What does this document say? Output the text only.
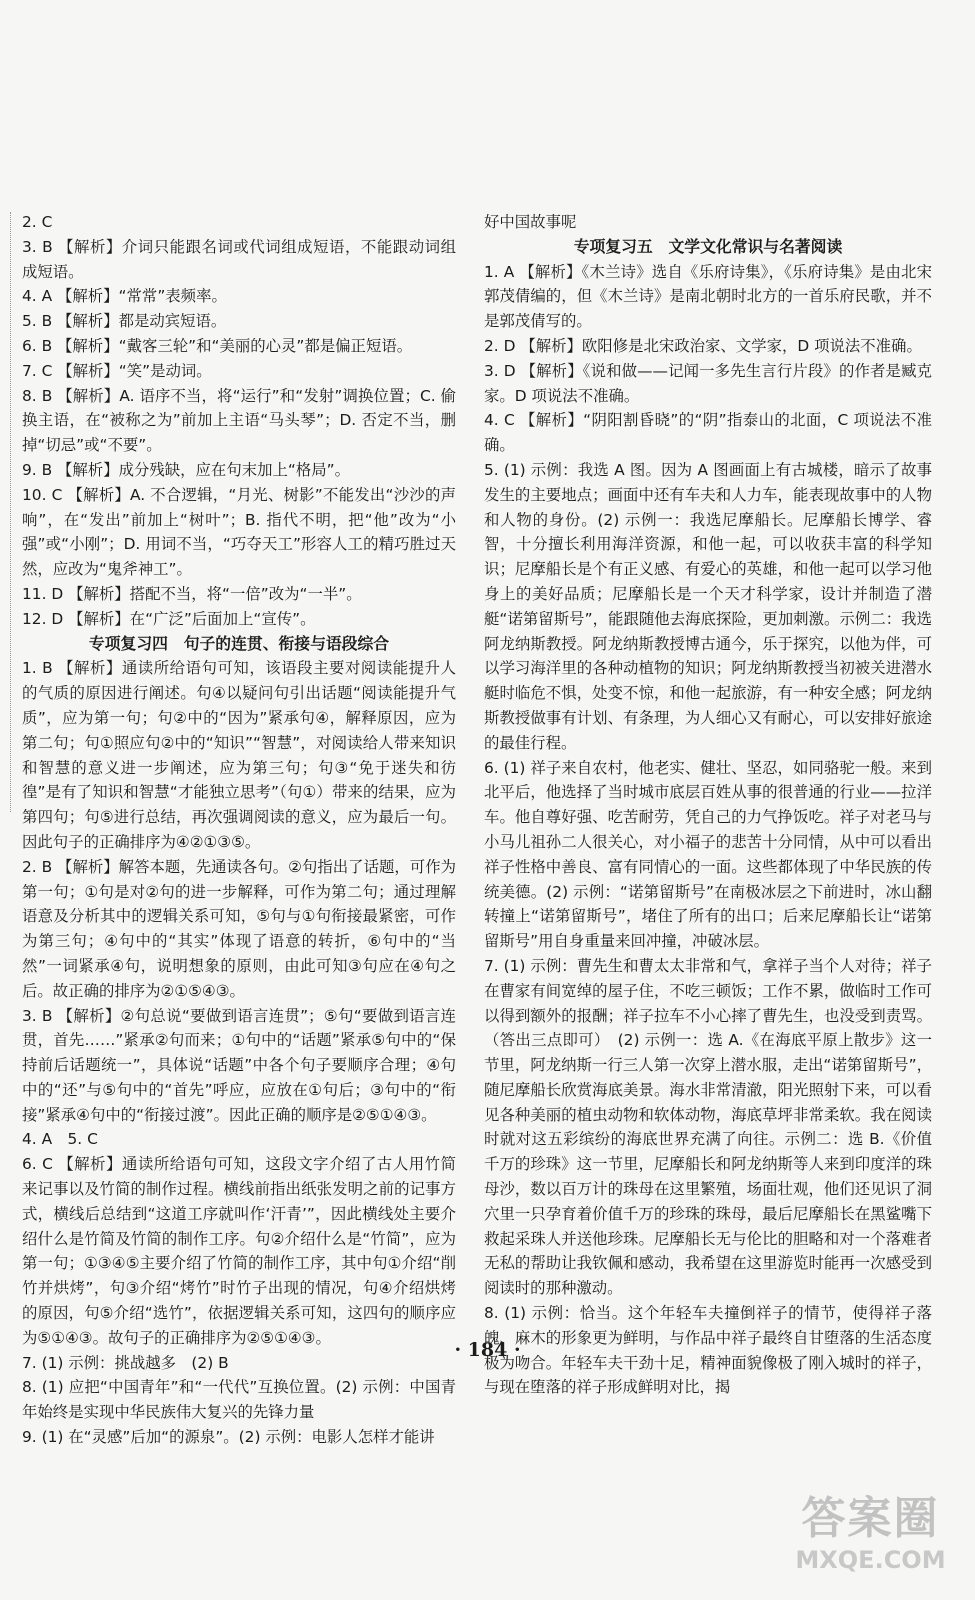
2. C

3. B 【解析】介词只能跟名词或代词组成短语，不能跟动词组成短语。

4. A 【解析】“常常”表频率。

5. B 【解析】都是动宾短语。

6. B 【解析】“戴客三轮”和“美丽的心灵”都是偏正短语。

7. C 【解析】“笑”是动词。

8. B 【解析】A. 语序不当，将“运行”和“发射”调换位置；C. 偷换主语，在“被称之为”前加上主语“马头琴”；D. 否定不当，删掉“切忌”或“不要”。

9. B 【解析】成分残缺，应在句末加上“格局”。

10. C 【解析】A. 不合逻辑，“月光、树影”不能发出“沙沙的声响”，在“发出”前加上“树叶”；B. 指代不明，把“他”改为“小强”或“小刚”；D. 用词不当，“巧夺天工”形容人工的精巧胜过天然，应改为“鬼斧神工”。

11. D 【解析】搭配不当，将“一倍”改为“一半”。

12. D 【解析】在“广泛”后面加上“宣传”。

专项复习四　句子的连贯、衔接与语段综合

1. B 【解析】通读所给语句可知，该语段主要对阅读能提升人的气质的原因进行阐述。句④以疑问句引出话题“阅读能提升气质”，应为第一句；句②中的“因为”紧承句④，解释原因，应为第二句；句①照应句②中的“知识”“智慧”，对阅读给人带来知识和智慧的意义进一步阐述，应为第三句；句③“免于迷失和彷徨”是有了知识和智慧“才能独立思考”（句①）带来的结果，应为第四句；句⑤进行总结，再次强调阅读的意义，应为最后一句。因此句子的正确排序为④②①③⑤。

2. B 【解析】解答本题，先通读各句。②句指出了话题，可作为第一句；①句是对②句的进一步解释，可作为第二句；通过理解语意及分析其中的逻辑关系可知，⑤句与①句衔接最紧密，可作为第三句；④句中的“其实”体现了语意的转折，⑥句中的“当然”一词紧承④句，说明想象的原则，由此可知③句应在④句之后。故正确的排序为②①⑤④③。

3. B 【解析】②句总说“要做到语言连贯”；⑤句“要做到语言连贯，首先……”紧承②句而来；①句中的“话题”紧承⑤句中的“保持前后话题统一”，具体说“话题”中各个句子要顺序合理；④句中的“还”与⑤句中的“首先”呼应，应放在①句后；③句中的“衔接”紧承④句中的“衔接过渡”。因此正确的顺序是②⑤①④③。

4. A　5. C

6. C 【解析】通读所给语句可知，这段文字介绍了古人用竹简来记事以及竹简的制作过程。横线前指出纸张发明之前的记事方式，横线后总结到“这道工序就叫作‘汗青’”，因此横线处主要介绍什么是竹简及竹简的制作工序。句②介绍什么是“竹简”，应为第一句；①③④⑤主要介绍了竹简的制作工序，其中句①介绍“削竹并烘烤”，句③介绍“烤竹”时竹子出现的情况，句④介绍烘烤的原因，句⑤介绍“选竹”，依据逻辑关系可知，这四句的顺序应为⑤①④③。故句子的正确排序为②⑤①④③。

7. (1) 示例：挑战越多　(2) B

8. (1) 应把“中国青年”和“一代代”互换位置。(2) 示例：中国青年始终是实现中华民族伟大复兴的先锋力量

9. (1) 在“灵感”后加“的源泉”。(2) 示例：电影人怎样才能讲

好中国故事呢

专项复习五　文学文化常识与名著阅读

1. A 【解析】《木兰诗》选自《乐府诗集》，《乐府诗集》是由北宋郭茂倩编的，但《木兰诗》是南北朝时北方的一首乐府民歌，并不是郭茂倩写的。

2. D 【解析】欧阳修是北宋政治家、文学家，D 项说法不准确。

3. D 【解析】《说和做——记闻一多先生言行片段》的作者是臧克家。D 项说法不准确。

4. C 【解析】“阴阳割昏晓”的“阴”指泰山的北面，C 项说法不准确。

5. (1) 示例：我选 A 图。因为 A 图画面上有古城楼，暗示了故事发生的主要地点；画面中还有车夫和人力车，能表现故事中的人物和人物的身份。(2) 示例一：我选尼摩船长。尼摩船长博学、睿智，十分擅长利用海洋资源，和他一起，可以收获丰富的科学知识；尼摩船长是个有正义感、有爱心的英雄，和他一起可以学习他身上的美好品质；尼摩船长是一个天才科学家，设计并制造了潜艇“诺第留斯号”，能跟随他去海底探险，更加刺激。示例二：我选阿龙纳斯教授。阿龙纳斯教授博古通今，乐于探究，以他为伴，可以学习海洋里的各种动植物的知识；阿龙纳斯教授当初被关进潜水艇时临危不惧，处变不惊，和他一起旅游，有一种安全感；阿龙纳斯教授做事有计划、有条理，为人细心又有耐心，可以安排好旅途的最佳行程。

6. (1) 祥子来自农村，他老实、健壮、坚忍，如同骆驼一般。来到北平后，他选择了当时城市底层百姓从事的很普通的行业——拉洋车。他自尊好强、吃苦耐劳，凭自己的力气挣饭吃。祥子对老马与小马儿祖孙二人很关心，对小福子的悲苦十分同情，从中可以看出祥子性格中善良、富有同情心的一面。这些都体现了中华民族的传统美德。(2) 示例：“诺第留斯号”在南极冰层之下前进时，冰山翻转撞上“诺第留斯号”，堵住了所有的出口；后来尼摩船长让“诺第留斯号”用自身重量来回冲撞，冲破冰层。

7. (1) 示例：曹先生和曹太太非常和气，拿祥子当个人对待；祥子在曹家有间宽绰的屋子住，不吃三顿饭；工作不累，做临时工作可以得到额外的报酬；祥子拉车不小心摔了曹先生，也没受到责骂。（答出三点即可）　(2) 示例一：选 A.《在海底平原上散步》这一节里，阿龙纳斯一行三人第一次穿上潜水服，走出“诺第留斯号”，随尼摩船长欣赏海底美景。海水非常清澈，阳光照射下来，可以看见各种美丽的植虫动物和软体动物，海底草坪非常柔软。我在阅读时就对这五彩缤纷的海底世界充满了向往。示例二：选 B.《价值千万的珍珠》这一节里，尼摩船长和阿龙纳斯等人来到印度洋的珠母沙，数以百万计的珠母在这里繁殖，场面壮观，他们还见识了洞穴里一只孕育着价值千万的珍珠的珠母，最后尼摩船长在黑鲨嘴下救起采珠人并送他珍珠。尼摩船长无与伦比的胆略和对一个落难者无私的帮助让我钦佩和感动，我希望在这里游览时能再一次感受到阅读时的那种激动。

8. (1) 示例：恰当。这个年轻车夫撞倒祥子的情节，使得祥子落魄、麻木的形象更为鲜明，与作品中祥子最终自甘堕落的生活态度极为吻合。年轻车夫干劲十足，精神面貌像极了刚入城时的祥子，与现在堕落的祥子形成鲜明对比，揭

· 184 ·
答案圈
MXQE.COM
